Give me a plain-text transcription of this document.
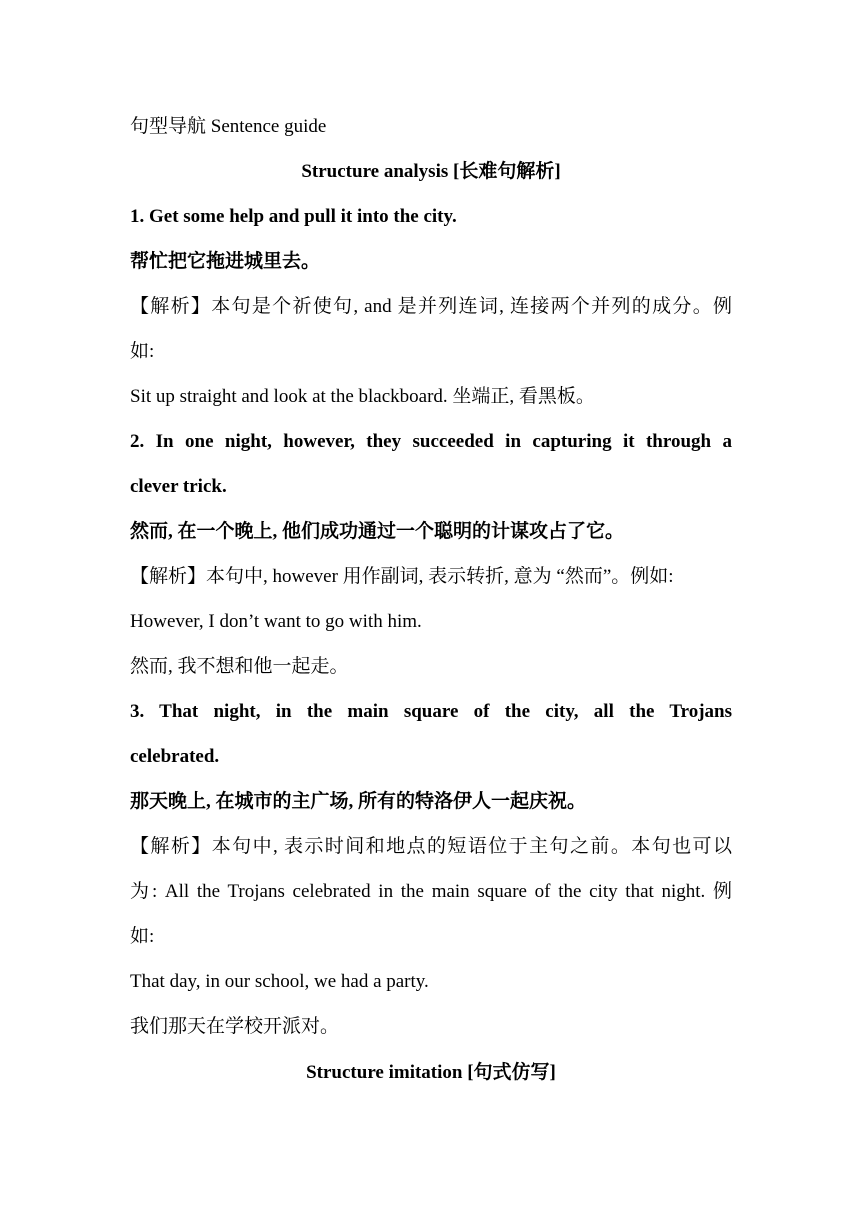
句型导航 Sentence guide
Structure analysis [长难句解析]
1. Get some help and pull it into the city.
帮忙把它拖进城里去。
【解析】本句是个祈使句, and 是并列连词, 连接两个并列的成分。例
如:
Sit up straight and look at the blackboard. 坐端正, 看黑板。
2. In one night, however, they succeeded in capturing it through a
clever trick.
然而, 在一个晚上, 他们成功通过一个聪明的计谋攻占了它。
【解析】本句中, however 用作副词, 表示转折, 意为 “然而”。例如:
However, I don’t want to go with him.
然而, 我不想和他一起走。
3. That night, in the main square of the city, all the Trojans
celebrated.
那天晚上, 在城市的主广场, 所有的特洛伊人一起庆祝。
【解析】本句中, 表示时间和地点的短语位于主句之前。本句也可以
为: All the Trojans celebrated in the main square of the city that night. 例
如:
That day, in our school, we had a party.
我们那天在学校开派对。
Structure imitation [句式仿写]
